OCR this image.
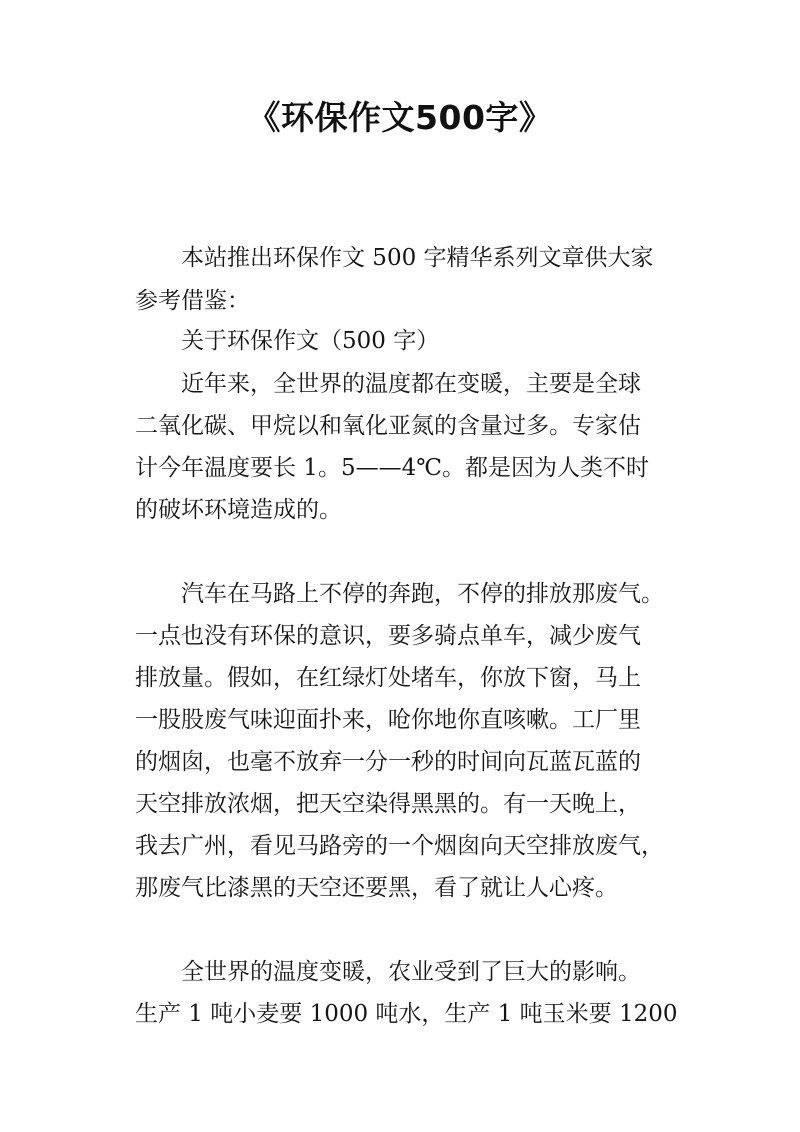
《环保作文500字》
本站推出环保作文 500 字精华系列文章供大家
参考借鉴：
关于环保作文（500 字）
近年来，全世界的温度都在变暖，主要是全球
二氧化碳、甲烷以和氧化亚氮的含量过多。专家估
计今年温度要长 1。5——4℃。都是因为人类不时
的破坏环境造成的。
汽车在马路上不停的奔跑，不停的排放那废气。
一点也没有环保的意识，要多骑点单车，减少废气
排放量。假如，在红绿灯处堵车，你放下窗，马上
一股股废气味迎面扑来，呛你地你直咳嗽。工厂里
的烟囱，也毫不放弃一分一秒的时间向瓦蓝瓦蓝的
天空排放浓烟，把天空染得黑黑的。有一天晚上，
我去广州，看见马路旁的一个烟囱向天空排放废气，
那废气比漆黑的天空还要黑，看了就让人心疼。
全世界的温度变暖，农业受到了巨大的影响。
生产 1 吨小麦要 1000 吨水，生产 1 吨玉米要 1200
